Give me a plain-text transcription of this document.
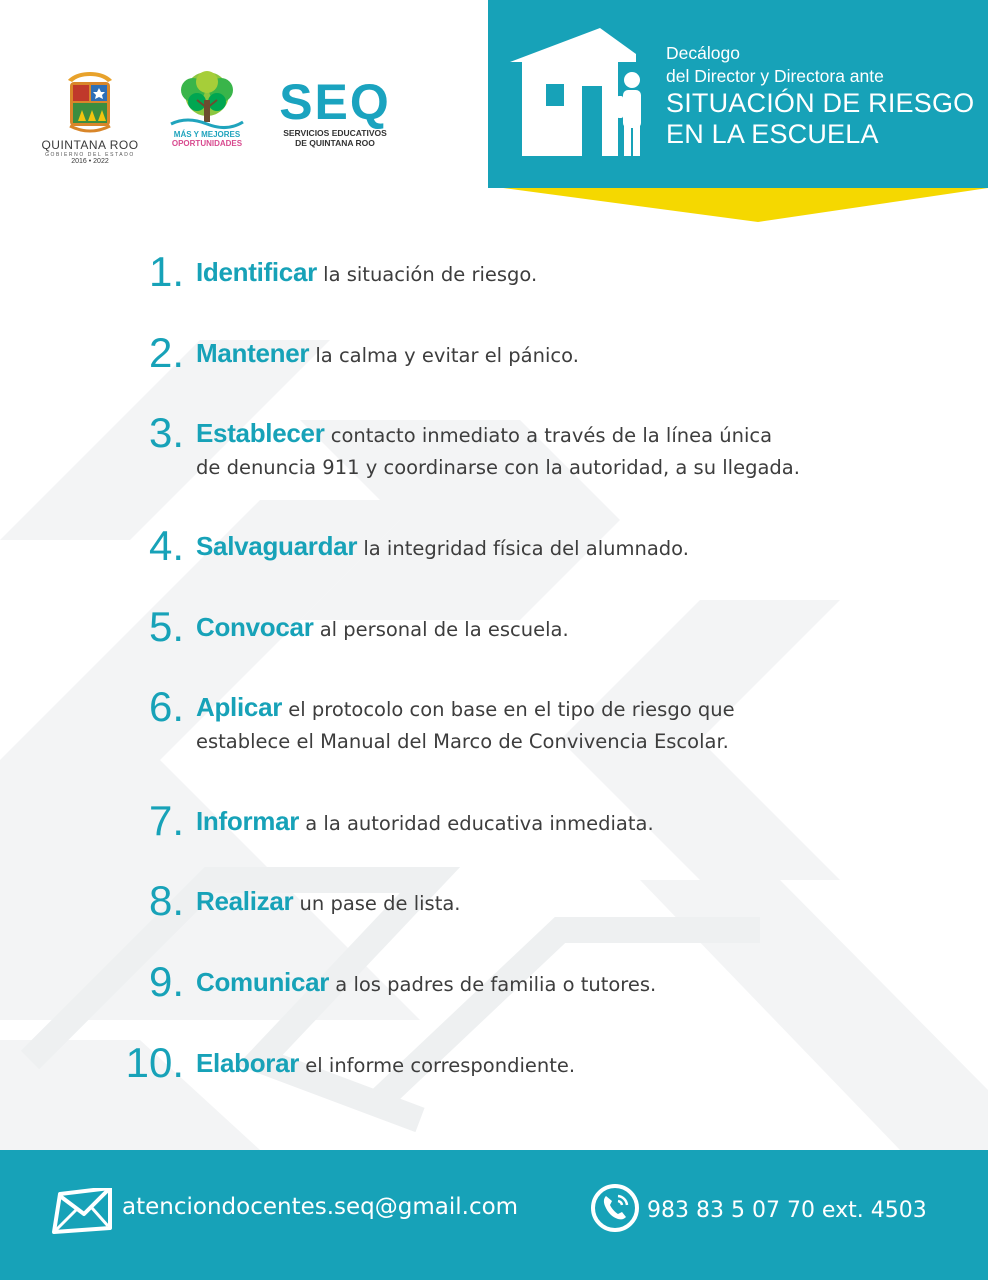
QUINTANA ROO
GOBIERNO DEL ESTADO
2016 • 2022
MÁS Y MEJORES
OPORTUNIDADES
SEQ
SERVICIOS EDUCATIVOS
DE QUINTANA ROO
Decálogo
del Director y Directora ante
SITUACIÓN DE RIESGO
EN LA ESCUELA
1. Identificar la situación de riesgo.
2. Mantener la calma y evitar el pánico.
3. Establecer contacto inmediato a través de la línea única
de denuncia 911 y coordinarse con la autoridad, a su llegada.
4. Salvaguardar la integridad física del alumnado.
5. Convocar al personal de la escuela.
6. Aplicar el protocolo con base en el tipo de riesgo que
establece el Manual del Marco de Convivencia Escolar.
7. Informar a la autoridad educativa inmediata.
8. Realizar un pase de lista.
9. Comunicar a los padres de familia o tutores.
10. Elaborar el informe correspondiente.
atenciondocentes.seq@gmail.com	983 83 5 07 70 ext. 4503
